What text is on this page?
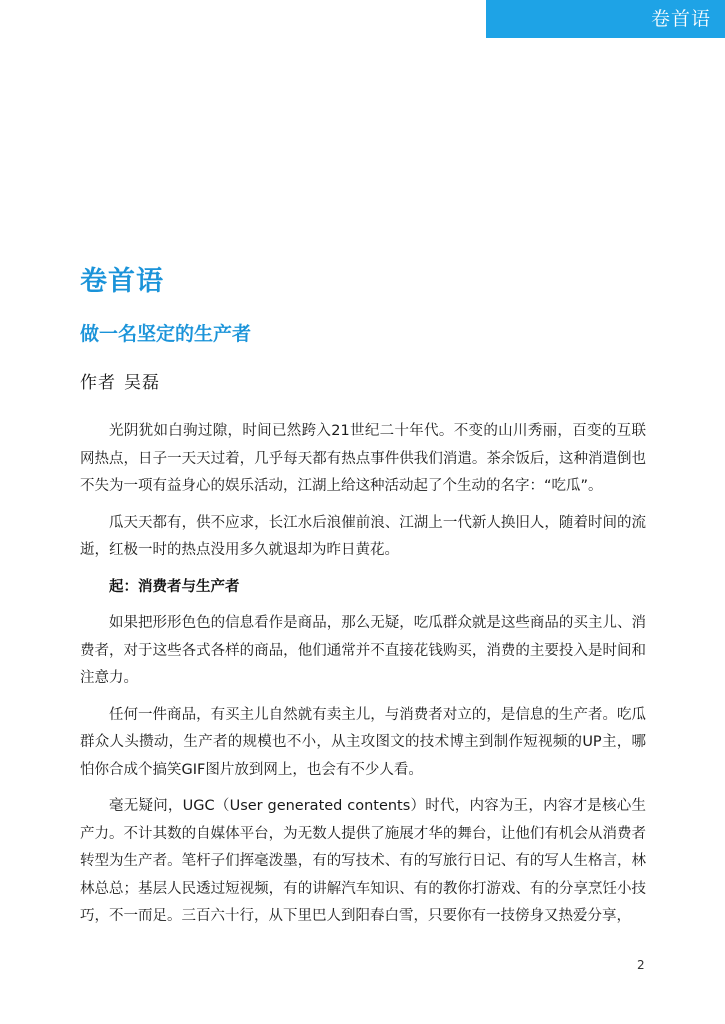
卷首语
卷首语
做一名坚定的生产者
作者 吴磊

光阴犹如白驹过隙，时间已然跨入21世纪二十年代。不变的山川秀丽，百变的互联网热点，日子一天天过着，几乎每天都有热点事件供我们消遣。茶余饭后，这种消遣倒也不失为一项有益身心的娱乐活动，江湖上给这种活动起了个生动的名字：“吃瓜”。

瓜天天都有，供不应求，长江水后浪催前浪、江湖上一代新人换旧人，随着时间的流逝，红极一时的热点没用多久就退却为昨日黄花。

起：消费者与生产者

如果把形形色色的信息看作是商品，那么无疑，吃瓜群众就是这些商品的买主儿、消费者，对于这些各式各样的商品，他们通常并不直接花钱购买，消费的主要投入是时间和注意力。

任何一件商品，有买主儿自然就有卖主儿，与消费者对立的，是信息的生产者。吃瓜群众人头攒动，生产者的规模也不小，从主攻图文的技术博主到制作短视频的UP主，哪怕你合成个搞笑GIF图片放到网上，也会有不少人看。

毫无疑问，UGC（User generated contents）时代，内容为王，内容才是核心生产力。不计其数的自媒体平台，为无数人提供了施展才华的舞台，让他们有机会从消费者转型为生产者。笔杆子们挥毫泼墨，有的写技术、有的写旅行日记、有的写人生格言，林林总总；基层人民透过短视频，有的讲解汽车知识、有的教你打游戏、有的分享烹饪小技巧，不一而足。三百六十行，从下里巴人到阳春白雪，只要你有一技傍身又热爱分享，

2
